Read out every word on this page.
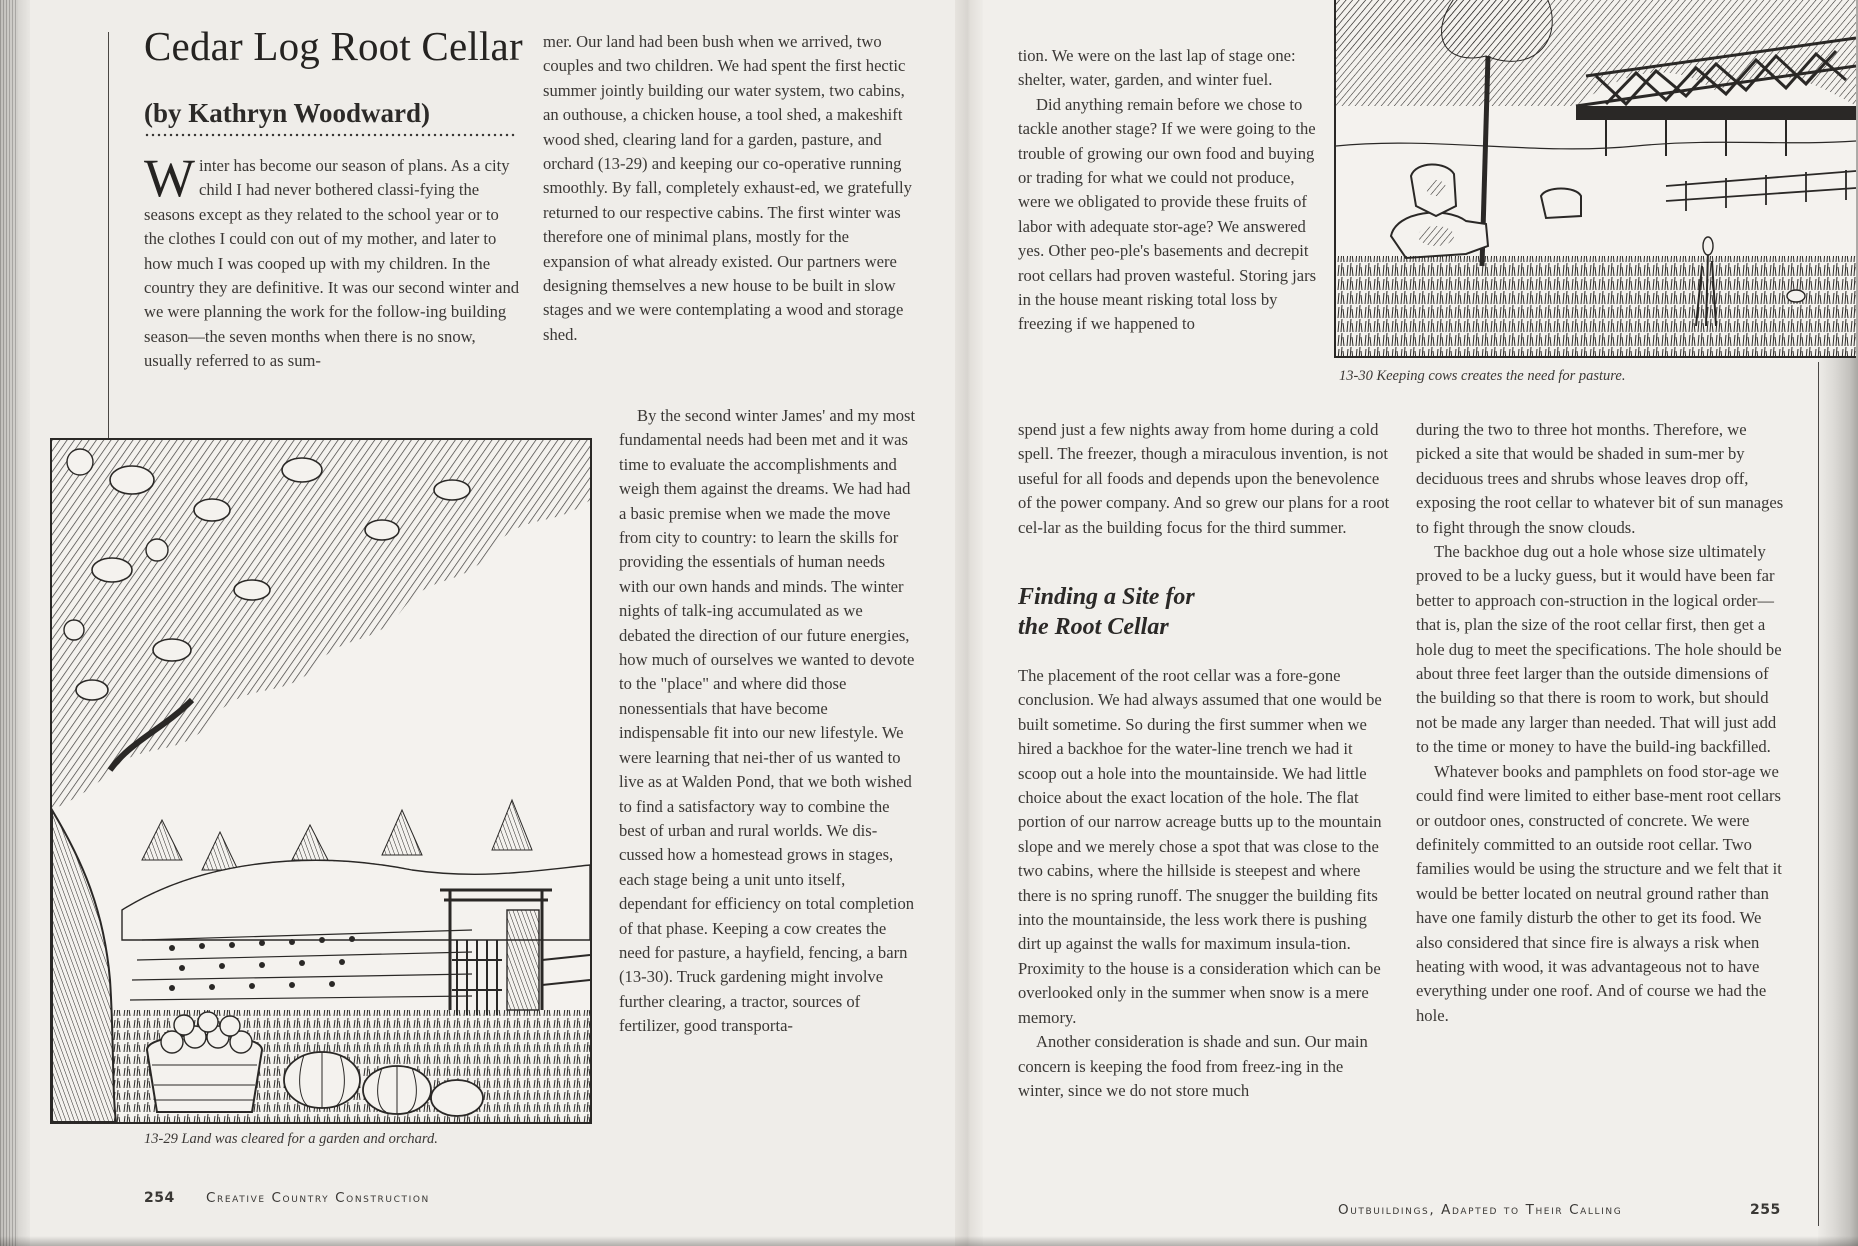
Cedar Log Root Cellar
(by Kathryn Woodward)

Winter has become our season of plans. As a city child I had never bothered classi-fying the seasons except as they related to the school year or to the clothes I could con out of my mother, and later to how much I was cooped up with my children. In the country they are definitive. It was our second winter and we were planning the work for the follow-ing building season—the seven months when there is no snow, usually referred to as sum-

mer. Our land had been bush when we arrived, two couples and two children. We had spent the first hectic summer jointly building our water system, two cabins, an outhouse, a chicken house, a tool shed, a makeshift wood shed, clearing land for a garden, pasture, and orchard (13-29) and keeping our co-operative running smoothly. By fall, completely exhaust-ed, we gratefully returned to our respective cabins. The first winter was therefore one of minimal plans, mostly for the expansion of what already existed. Our partners were designing themselves a new house to be built in slow stages and we were contemplating a wood and storage shed.

By the second winter James' and my most fundamental needs had been met and it was time to evaluate the accomplishments and weigh them against the dreams. We had had a basic premise when we made the move from city to country: to learn the skills for providing the essentials of human needs with our own hands and minds. The winter nights of talk-ing accumulated as we debated the direction of our future energies, how much of ourselves we wanted to devote to the "place" and where did those nonessentials that have become indispensable fit into our new lifestyle. We were learning that nei-ther of us wanted to live as at Walden Pond, that we both wished to find a satisfactory way to combine the best of urban and rural worlds. We dis-cussed how a homestead grows in stages, each stage being a unit unto itself, dependant for efficiency on total completion of that phase. Keeping a cow creates the need for pasture, a hayfield, fencing, a barn (13-30). Truck gardening might involve further clearing, a tractor, sources of fertilizer, good transporta-

13-29 Land was cleared for a garden and orchard.
254 Creative Country Construction

tion. We were on the last lap of stage one: shelter, water, garden, and winter fuel.

Did anything remain before we chose to tackle another stage? If we were going to the trouble of growing our own food and buying or trading for what we could not produce, were we obligated to provide these fruits of labor with adequate stor-age? We answered yes. Other peo-ple's basements and decrepit root cellars had proven wasteful. Storing jars in the house meant risking total loss by freezing if we happened to

spend just a few nights away from home during a cold spell. The freezer, though a miraculous invention, is not useful for all foods and depends upon the benevolence of the power company. And so grew our plans for a root cel-lar as the building focus for the third summer.

Finding a Site for
the Root Cellar

The placement of the root cellar was a fore-gone conclusion. We had always assumed that one would be built sometime. So during the first summer when we hired a backhoe for the water-line trench we had it scoop out a hole into the mountainside. We had little choice about the exact location of the hole. The flat portion of our narrow acreage butts up to the mountain slope and we merely chose a spot that was close to the two cabins, where the hillside is steepest and where there is no spring runoff. The snugger the building fits into the mountainside, the less work there is pushing dirt up against the walls for maximum insula-tion. Proximity to the house is a consideration which can be overlooked only in the summer when snow is a mere memory.

Another consideration is shade and sun. Our main concern is keeping the food from freez-ing in the winter, since we do not store much

during the two to three hot months. Therefore, we picked a site that would be shaded in sum-mer by deciduous trees and shrubs whose leaves drop off, exposing the root cellar to whatever bit of sun manages to fight through the snow clouds.

The backhoe dug out a hole whose size ultimately proved to be a lucky guess, but it would have been far better to approach con-struction in the logical order—that is, plan the size of the root cellar first, then get a hole dug to meet the specifications. The hole should be about three feet larger than the outside dimensions of the building so that there is room to work, but should not be made any larger than needed. That will just add to the time or money to have the build-ing backfilled.

Whatever books and pamphlets on food stor-age we could find were limited to either base-ment root cellars or outdoor ones, constructed of concrete. We were definitely committed to an outside root cellar. Two families would be using the structure and we felt that it would be better located on neutral ground rather than have one family disturb the other to get its food. We also considered that since fire is always a risk when heating with wood, it was advantageous not to have everything under one roof. And of course we had the hole.

13-30 Keeping cows creates the need for pasture.
Outbuildings, Adapted to Their Calling	255
